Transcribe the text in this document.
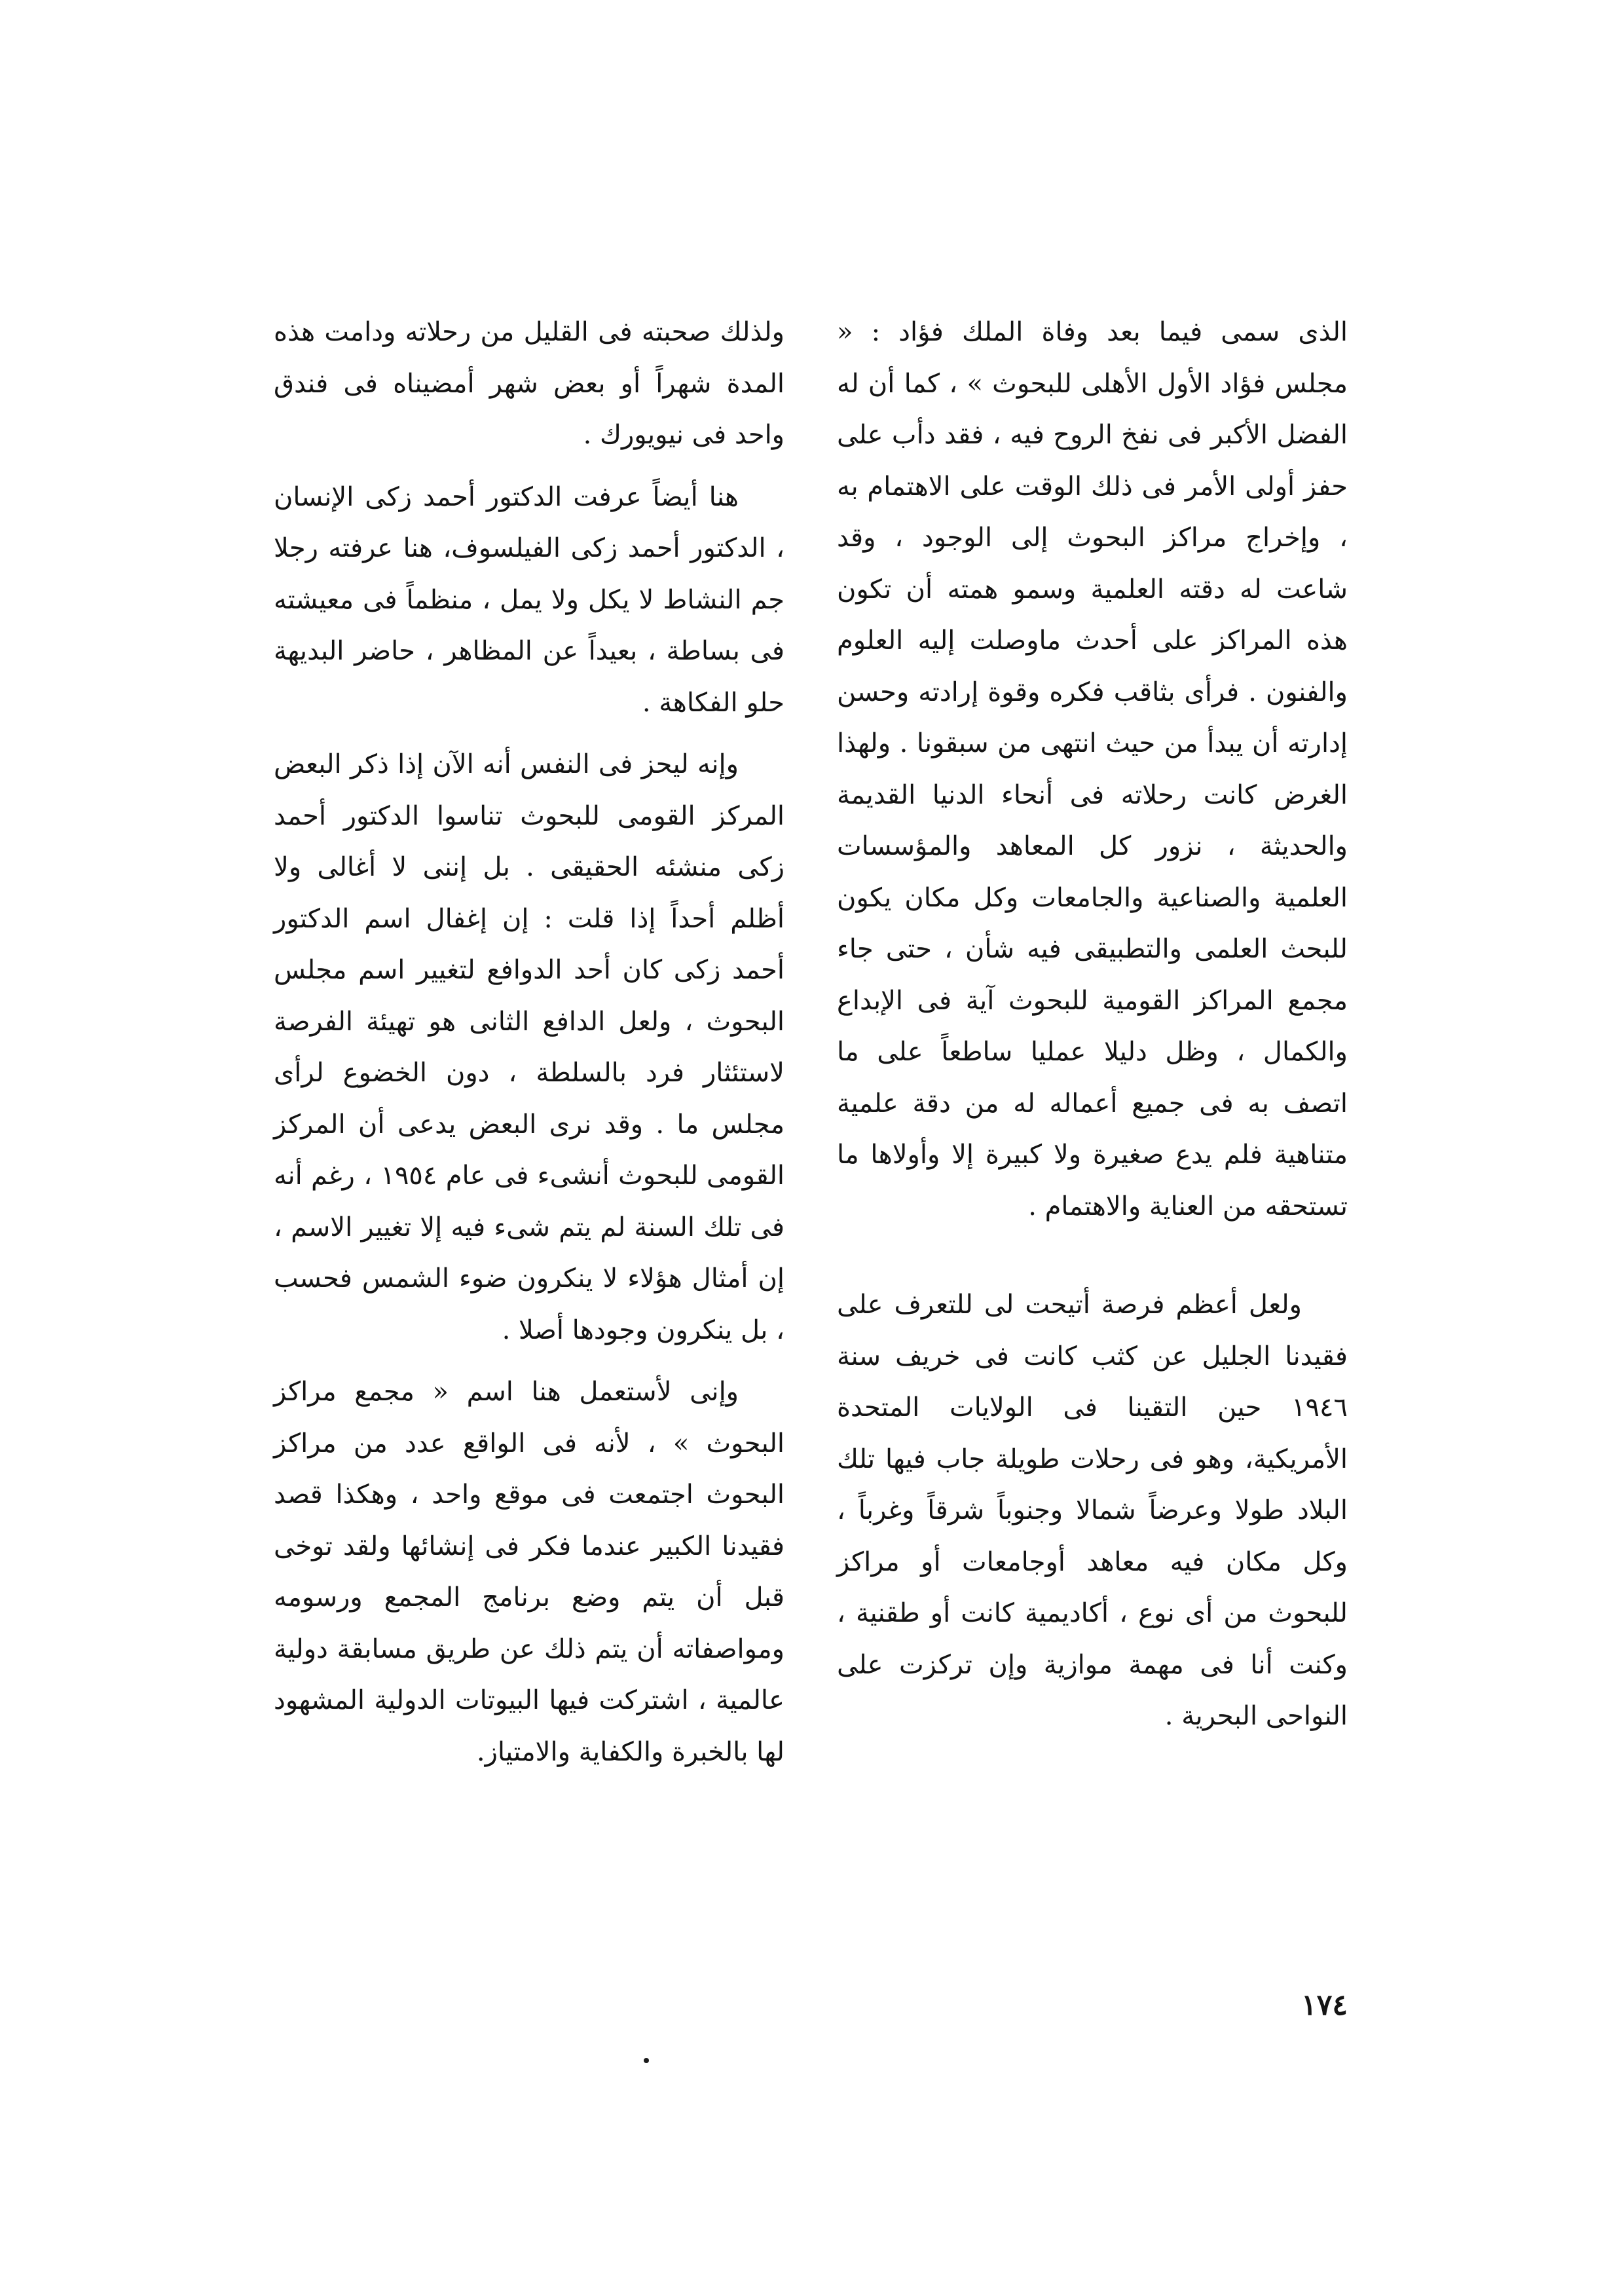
الذى سمى فيما بعد وفاة الملك فؤاد : « مجلس فؤاد الأول الأهلى للبحوث » ، كما أن له الفضل الأكبر فى نفخ الروح فيه ، فقد دأب على حفز أولى الأمر فى ذلك الوقت على الاهتمام به ، وإخراج مراكز البحوث إلى الوجود ، وقد شاعت له دقته العلمية وسمو همته أن تكون هذه المراكز على أحدث ماوصلت إليه العلوم والفنون . فرأى بثاقب فكره وقوة إرادته وحسن إدارته أن يبدأ من حيث انتهى من سبقونا . ولهذا الغرض كانت رحلاته فى أنحاء الدنيا القديمة والحديثة ، نزور كل المعاهد والمؤسسات العلمية والصناعية والجامعات وكل مكان يكون للبحث العلمى والتطبيقى فيه شأن ، حتى جاء مجمع المراكز القومية للبحوث آية فى الإبداع والكمال ، وظل دليلا عمليا ساطعاً على ما اتصف به فى جميع أعماله له من دقة علمية متناهية فلم يدع صغيرة ولا كبيرة إلا وأولاها ما تستحقه من العناية والاهتمام .

ولعل أعظم فرصة أتيحت لى للتعرف على فقيدنا الجليل عن كثب كانت فى خريف سنة ١٩٤٦ حين التقينا فى الولايات المتحدة الأمريكية، وهو فى رحلات طويلة جاب فيها تلك البلاد طولا وعرضاً شمالا وجنوباً شرقاً وغرباً ، وكل مكان فيه معاهد أوجامعات أو مراكز للبحوث من أى نوع ، أكاديمية كانت أو طقنية ، وكنت أنا فى مهمة موازية وإن تركزت على النواحى البحرية .

ولذلك صحبته فى القليل من رحلاته ودامت هذه المدة شهراً أو بعض شهر أمضيناه فى فندق واحد فى نيويورك .

هنا أيضاً عرفت الدكتور أحمد زكى الإنسان ، الدكتور أحمد زكى الفيلسوف، هنا عرفته رجلا جم النشاط لا يكل ولا يمل ، منظماً فى معيشته فى بساطة ، بعيداً عن المظاهر ، حاضر البديهة حلو الفكاهة .

وإنه ليحز فى النفس أنه الآن إذا ذكر البعض المركز القومى للبحوث تناسوا الدكتور أحمد زكى منشئه الحقيقى . بل إننى لا أغالى ولا أظلم أحداً إذا قلت : إن إغفال اسم الدكتور أحمد زكى كان أحد الدوافع لتغيير اسم مجلس البحوث ، ولعل الدافع الثانى هو تهيئة الفرصة لاستئثار فرد بالسلطة ، دون الخضوع لرأى مجلس ما . وقد نرى البعض يدعى أن المركز القومى للبحوث أنشىء فى عام ١٩٥٤ ، رغم أنه فى تلك السنة لم يتم شىء فيه إلا تغيير الاسم ، إن أمثال هؤلاء لا ينكرون ضوء الشمس فحسب ، بل ينكرون وجودها أصلا .

وإنى لأستعمل هنا اسم « مجمع مراكز البحوث » ، لأنه فى الواقع عدد من مراكز البحوث اجتمعت فى موقع واحد ، وهكذا قصد فقيدنا الكبير عندما فكر فى إنشائها ولقد توخى قبل أن يتم وضع برنامج المجمع ورسومه ومواصفاته أن يتم ذلك عن طريق مسابقة دولية عالمية ، اشتركت فيها البيوتات الدولية المشهود لها بالخبرة والكفاية والامتياز.

١٧٤
